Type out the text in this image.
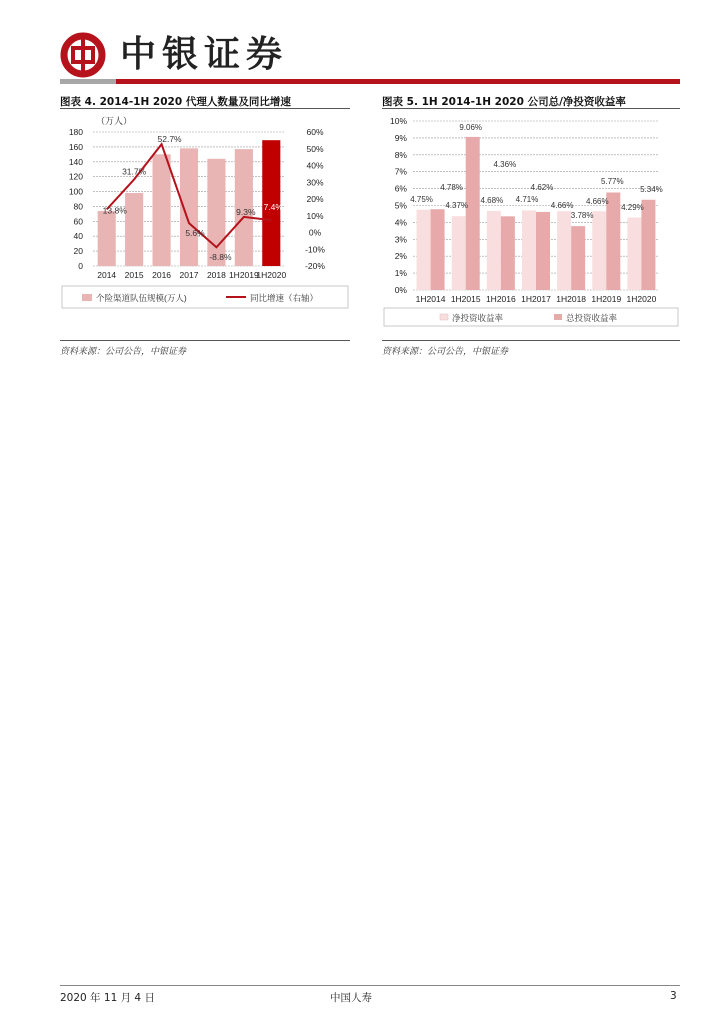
中银证券
图表 4. 2014-1H 2020 代理人数量及同比增速
（万人）
0
20
40
60
80
100
120
140
160
180
-20%
-10%
0%
10%
20%
30%
40%
50%
60%
2014 2015 2016 2017 2018 1H2019
1H2020
13.8%
31.7%
52.7%
5.6%
-8.8%
9.3% 7.4%
个险渠道队伍规模(万人)	同比增速（右轴）
资料来源：公司公告，中银证券
图表 5. 1H 2014-1H 2020 公司总/净投资收益率
0%
1%
2%
3%
4%
5%
6%
7%
8%
9%
10%
1H2014 1H2015 1H2016 1H2017 1H2018 1H2019 1H2020
4.75%
4.78%
4.37%
9.06%
4.68%
4.36%
4.71%
4.62%
4.66%
3.78%
4.66%
5.77%
4.29%
5.34%
净投资收益率	总投资收益率
资料来源：公司公告，中银证券
2020 年 11 月 4 日	中国人寿	3
